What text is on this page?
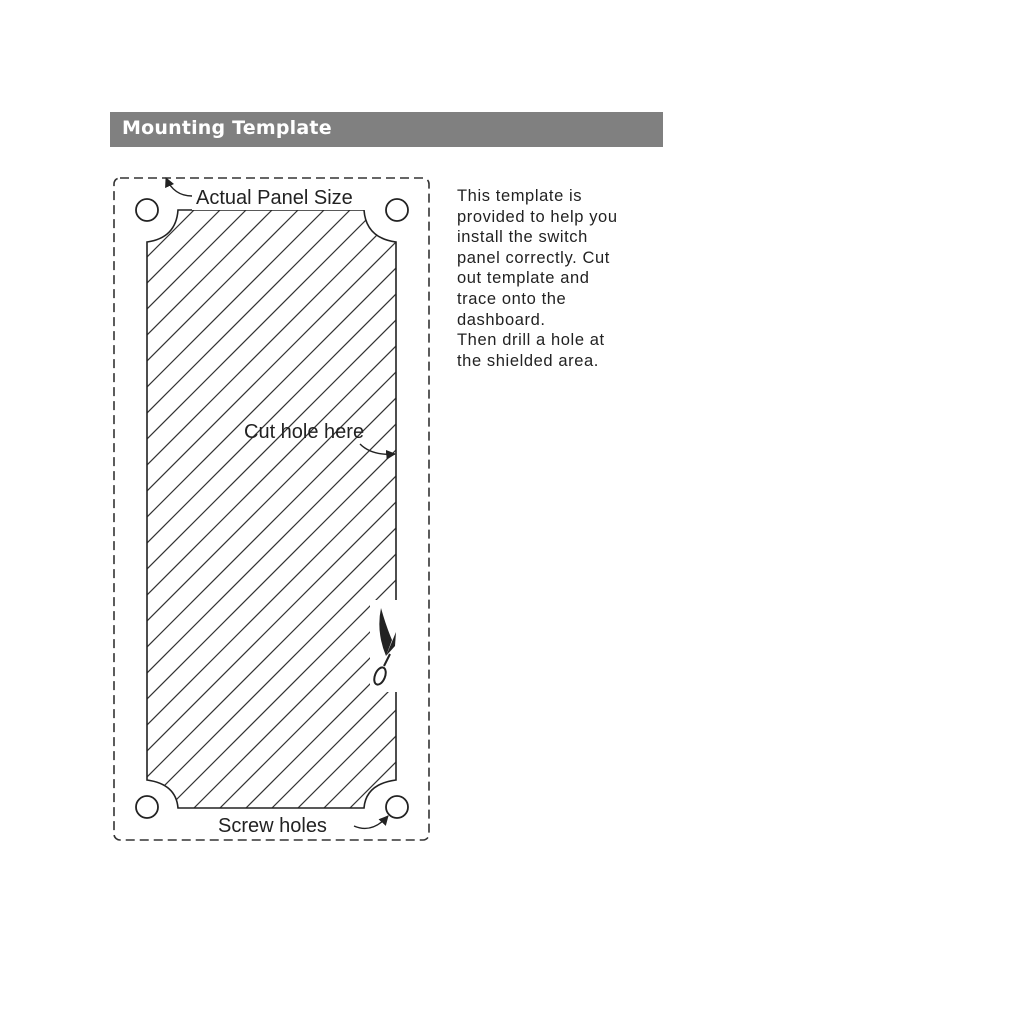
Mounting Template
Actual Panel Size
Cut hole here
Screw holes
This template is
provided to help you
install the switch
panel correctly. Cut
out template and
trace onto the
dashboard.
Then drill a hole at
the shielded area.
